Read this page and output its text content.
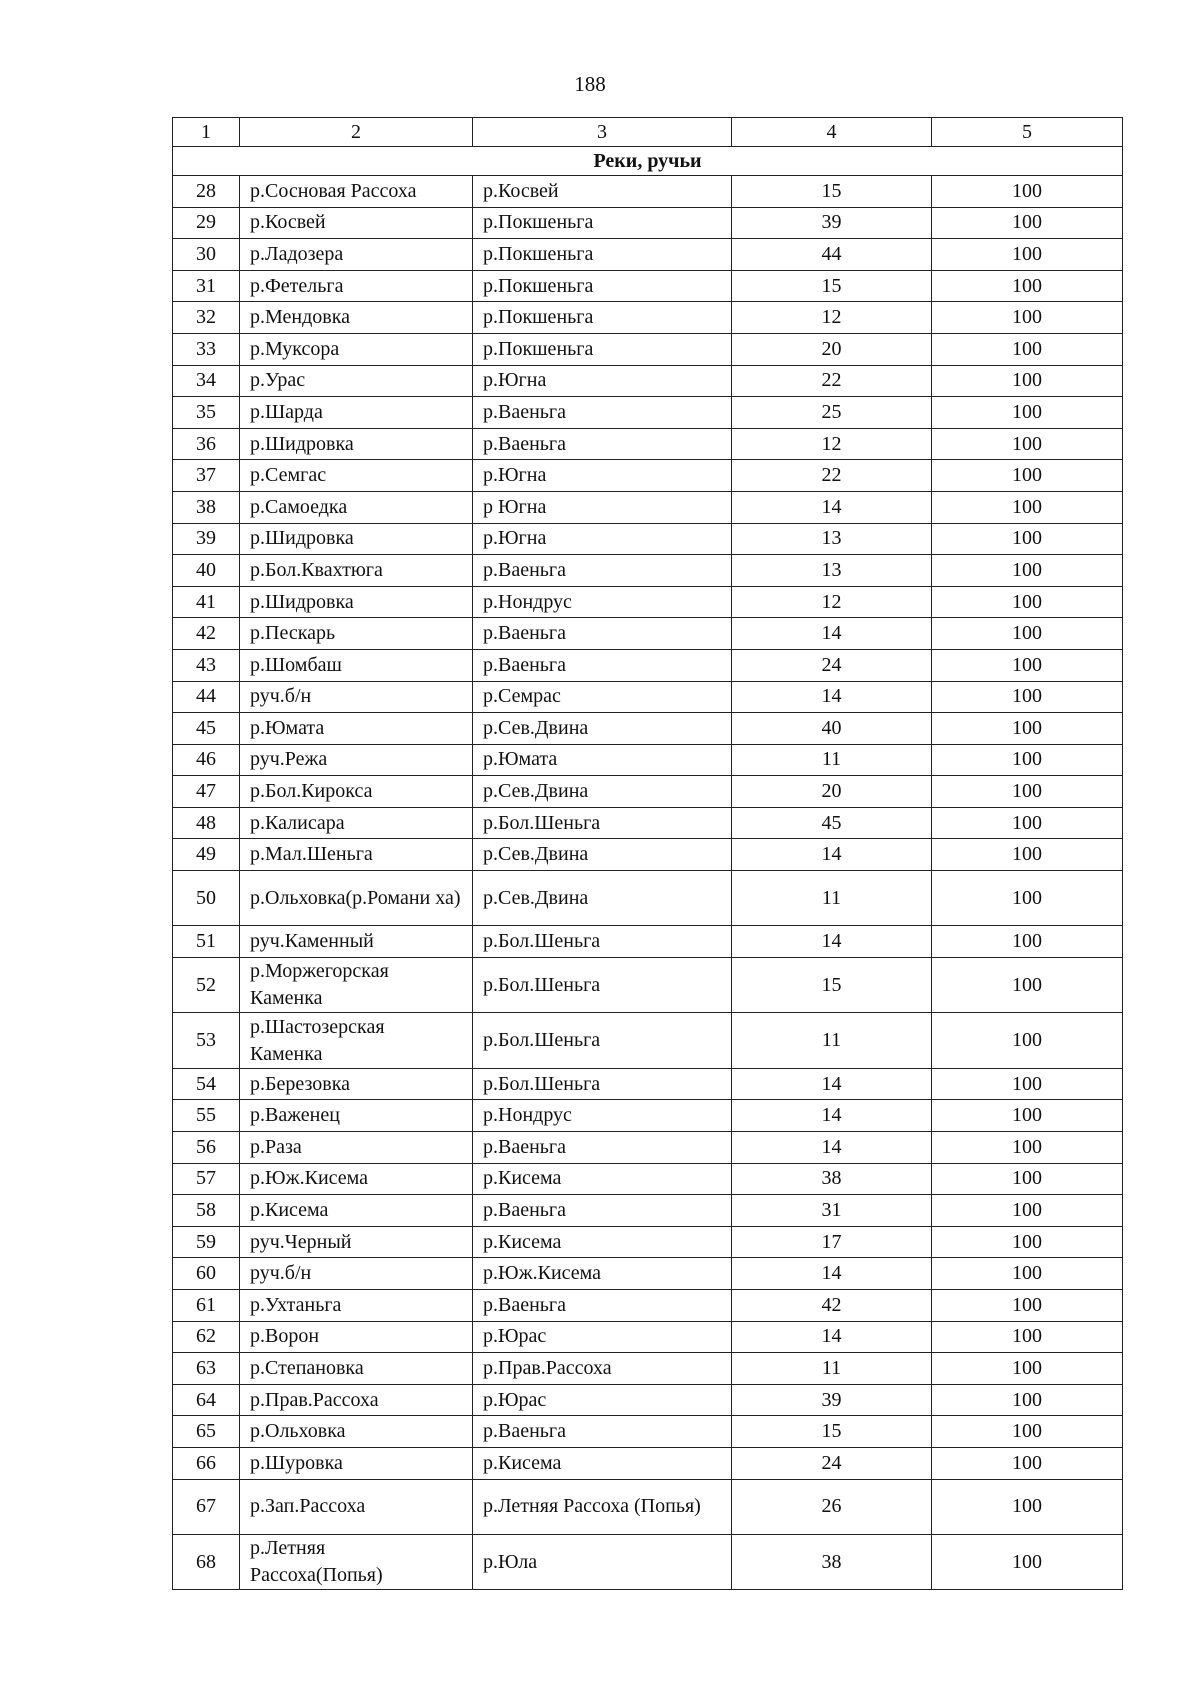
188
1	2	3	4	5
Реки, ручьи				
28	р.Сосновая Рассоха	р.Косвей	15	100
29	р.Косвей	р.Покшеньга	39	100
30	р.Ладозера	р.Покшеньга	44	100
31	р.Фетельга	р.Покшеньга	15	100
32	р.Мендовка	р.Покшеньга	12	100
33	р.Муксора	р.Покшеньга	20	100
34	р.Урас	р.Югна	22	100
35	р.Шарда	р.Ваеньга	25	100
36	р.Шидровка	р.Ваеньга	12	100
37	р.Семгас	р.Югна	22	100
38	р.Самоедка	р Югна	14	100
39	р.Шидровка	р.Югна	13	100
40	р.Бол.Квахтюга	р.Ваеньга	13	100
41	р.Шидровка	р.Нондрус	12	100
42	р.Пескарь	р.Ваеньга	14	100
43	р.Шомбаш	р.Ваеньга	24	100
44	руч.б/н	р.Семрас	14	100
45	р.Юмата	р.Сев.Двина	40	100
46	руч.Режа	р.Юмата	11	100
47	р.Бол.Кирокса	р.Сев.Двина	20	100
48	р.Калисара	р.Бол.Шеньга	45	100
49	р.Мал.Шеньга	р.Сев.Двина	14	100
50	р.Ольховка(р.Романи ха)	р.Сев.Двина	11	100
51	руч.Каменный	р.Бол.Шеньга	14	100
52	р.Моржегорская Каменка	р.Бол.Шеньга	15	100
53	р.Шастозерская Каменка	р.Бол.Шеньга	11	100
54	р.Березовка	р.Бол.Шеньга	14	100
55	р.Важенец	р.Нондрус	14	100
56	р.Раза	р.Ваеньга	14	100
57	р.Юж.Кисема	р.Кисема	38	100
58	р.Кисема	р.Ваеньга	31	100
59	руч.Черный	р.Кисема	17	100
60	руч.б/н	р.Юж.Кисема	14	100
61	р.Ухтаньга	р.Ваеньга	42	100
62	р.Ворон	р.Юрас	14	100
63	р.Степановка	р.Прав.Рассоха	11	100
64	р.Прав.Рассоха	р.Юрас	39	100
65	р.Ольховка	р.Ваеньга	15	100
66	р.Шуровка	р.Кисема	24	100
67	р.Зап.Рассоха	р.Летняя Рассоха (Попья)	26	100
68	р.Летняя Рассоха(Попья)	р.Юла	38	100
